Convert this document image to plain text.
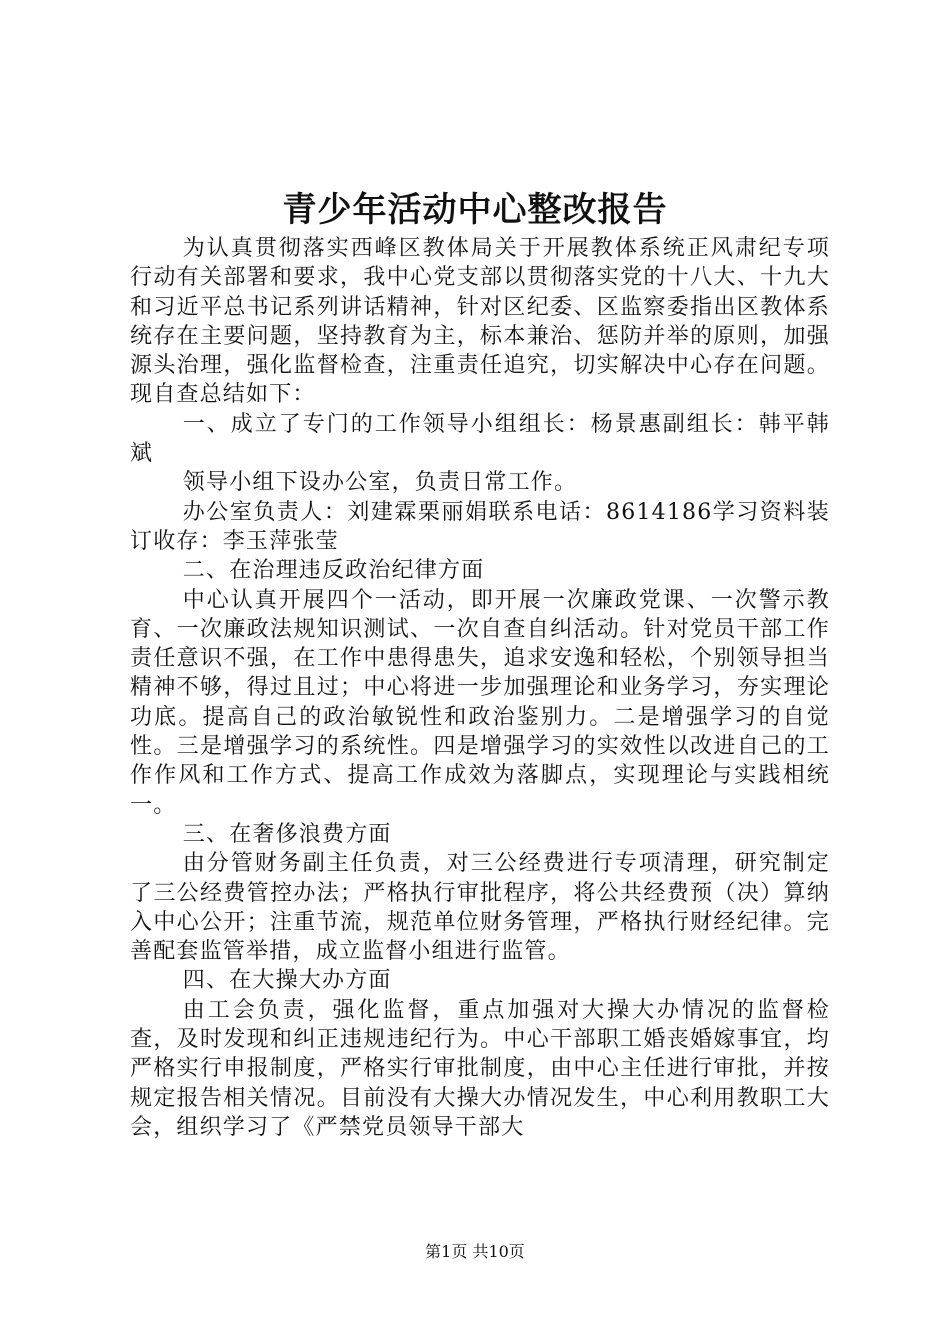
青少年活动中心整改报告

为认真贯彻落实西峰区教体局关于开展教体系统正风肃纪专项行动有关部署和要求，我中心党支部以贯彻落实党的十八大、十九大和习近平总书记系列讲话精神，针对区纪委、区监察委指出区教体系统存在主要问题，坚持教育为主，标本兼治、惩防并举的原则，加强源头治理，强化监督检查，注重责任追究，切实解决中心存在问题。现自查总结如下：

一、成立了专门的工作领导小组组长：杨景惠副组长：韩平韩斌

领导小组下设办公室，负责日常工作。

办公室负责人：刘建霖栗丽娟联系电话：8614186学习资料装订收存：李玉萍张莹

二、在治理违反政治纪律方面

中心认真开展四个一活动，即开展一次廉政党课、一次警示教育、一次廉政法规知识测试、一次自查自纠活动。针对党员干部工作责任意识不强，在工作中患得患失，追求安逸和轻松，个别领导担当精神不够，得过且过；中心将进一步加强理论和业务学习，夯实理论功底。提高自己的政治敏锐性和政治鉴别力。二是增强学习的自觉性。三是增强学习的系统性。四是增强学习的实效性以改进自己的工作作风和工作方式、提高工作成效为落脚点，实现理论与实践相统一。

三、在奢侈浪费方面

由分管财务副主任负责，对三公经费进行专项清理，研究制定了三公经费管控办法；严格执行审批程序，将公共经费预（决）算纳入中心公开；注重节流，规范单位财务管理，严格执行财经纪律。完善配套监管举措，成立监督小组进行监管。

四、在大操大办方面

由工会负责，强化监督，重点加强对大操大办情况的监督检查，及时发现和纠正违规违纪行为。中心干部职工婚丧婚嫁事宜，均严格实行申报制度，严格实行审批制度，由中心主任进行审批，并按规定报告相关情况。目前没有大操大办情况发生，中心利用教职工大会，组织学习了《严禁党员领导干部大

第1页 共10页
